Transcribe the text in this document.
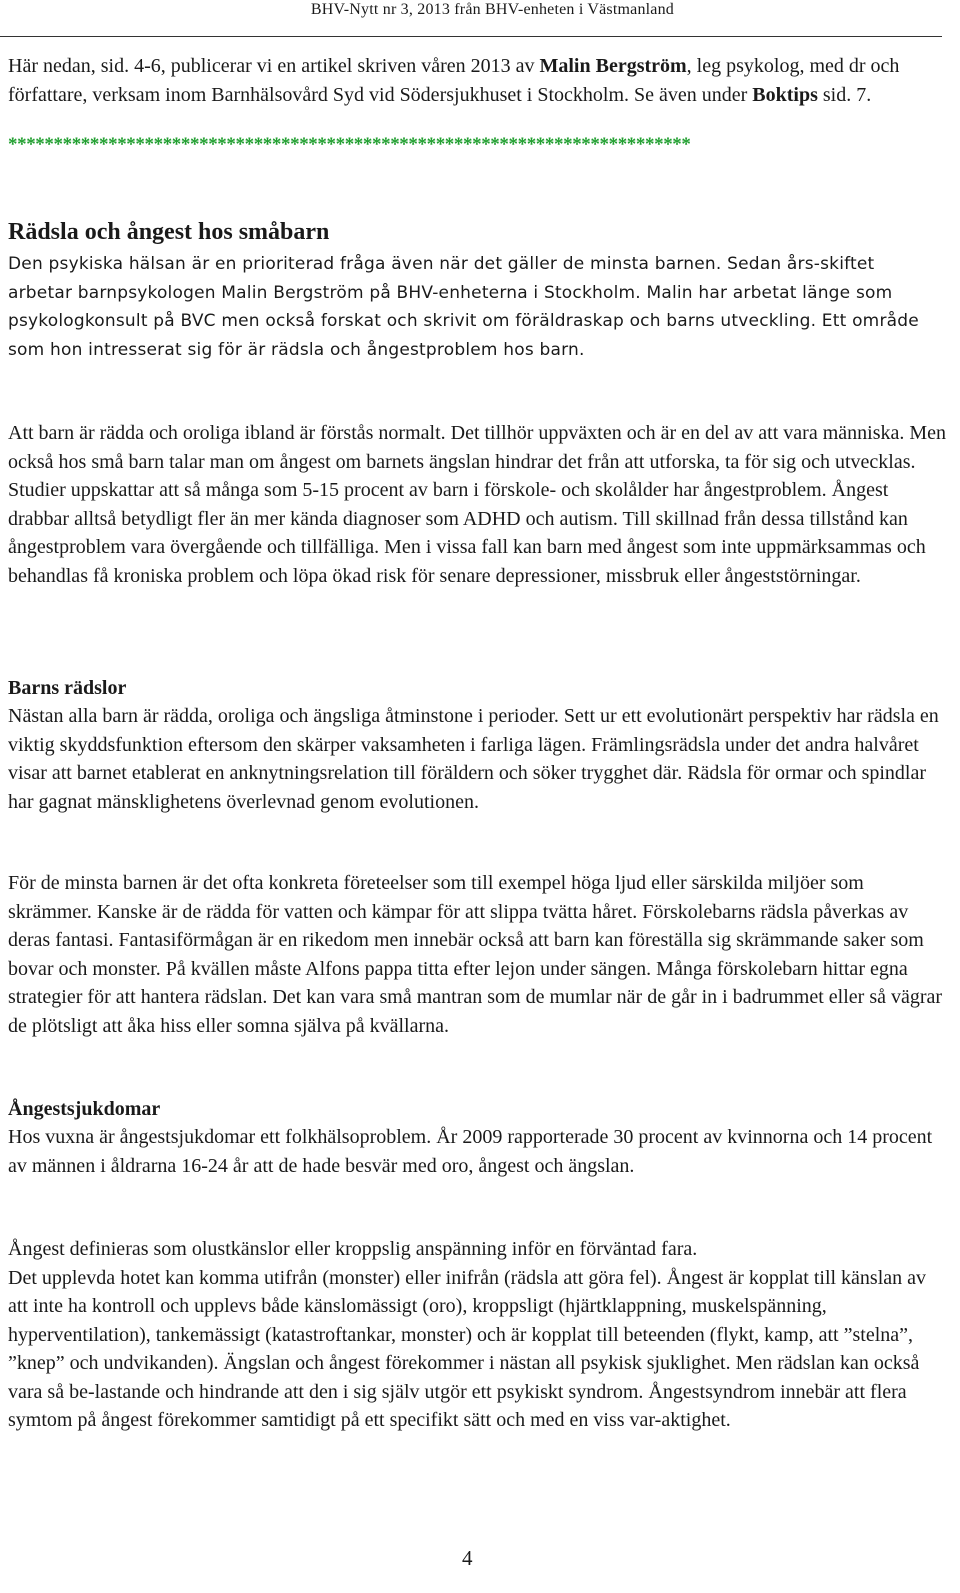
BHV-Nytt nr 3, 2013 från BHV-enheten i Västmanland
Här nedan, sid. 4-6, publicerar vi en artikel skriven våren 2013 av Malin Bergström, leg psykolog, med dr och författare, verksam inom Barnhälsovård Syd vid Södersjukhuset i Stockholm. Se även under Boktips sid. 7.
***************************************************************************
Rädsla och ångest hos småbarn
Den psykiska hälsan är en prioriterad fråga även när det gäller de minsta barnen. Sedan års-skiftet arbetar barnpsykologen Malin Bergström på BHV-enheterna i Stockholm. Malin har arbetat länge som psykologkonsult på BVC men också forskat och skrivit om föräldraskap och barns utveckling. Ett område som hon intresserat sig för är rädsla och ångestproblem hos barn.
Att barn är rädda och oroliga ibland är förstås normalt. Det tillhör uppväxten och är en del av att vara människa. Men också hos små barn talar man om ångest om barnets ängslan hindrar det från att utforska, ta för sig och utvecklas. Studier uppskattar att så många som 5-15 procent av barn i förskole- och skolålder har ångestproblem. Ångest drabbar alltså betydligt fler än mer kända diagnoser som ADHD och autism. Till skillnad från dessa tillstånd kan ångestproblem vara övergående och tillfälliga. Men i vissa fall kan barn med ångest som inte uppmärksammas och behandlas få kroniska problem och löpa ökad risk för senare depressioner, missbruk eller ångeststörningar.
Barns rädslor
Nästan alla barn är rädda, oroliga och ängsliga åtminstone i perioder. Sett ur ett evolutionärt perspektiv har rädsla en viktig skyddsfunktion eftersom den skärper vaksamheten i farliga lägen. Främlingsrädsla under det andra halvåret visar att barnet etablerat en anknytningsrelation till föräldern och söker trygghet där. Rädsla för ormar och spindlar har gagnat mänsklighetens överlevnad genom evolutionen.
För de minsta barnen är det ofta konkreta företeelser som till exempel höga ljud eller särskilda miljöer som skrämmer. Kanske är de rädda för vatten och kämpar för att slippa tvätta håret. Förskolebarns rädsla påverkas av deras fantasi. Fantasiförmågan är en rikedom men innebär också att barn kan föreställa sig skrämmande saker som bovar och monster. På kvällen måste Alfons pappa titta efter lejon under sängen. Många förskolebarn hittar egna strategier för att hantera rädslan. Det kan vara små mantran som de mumlar när de går in i badrummet eller så vägrar de plötsligt att åka hiss eller somna själva på kvällarna.
Ångestsjukdomar
Hos vuxna är ångestsjukdomar ett folkhälsoproblem. År 2009 rapporterade 30 procent av kvinnorna och 14 procent av männen i åldrarna 16-24 år att de hade besvär med oro, ångest och ängslan.
Ångest definieras som olustkänslor eller kroppslig anspänning inför en förväntad fara.
Det upplevda hotet kan komma utifrån (monster) eller inifrån (rädsla att göra fel). Ångest är kopplat till känslan av att inte ha kontroll och upplevs både känslomässigt (oro), kroppsligt (hjärtklappning, muskelspänning, hyperventilation), tankemässigt (katastroftankar, monster) och är kopplat till beteenden (flykt, kamp, att ”stelna”, ”knep” och undvikanden). Ängslan och ångest förekommer i nästan all psykisk sjuklighet. Men rädslan kan också vara så be-lastande och hindrande att den i sig själv utgör ett psykiskt syndrom. Ångestsyndrom innebär att flera symtom på ångest förekommer samtidigt på ett specifikt sätt och med en viss var-aktighet.
4
